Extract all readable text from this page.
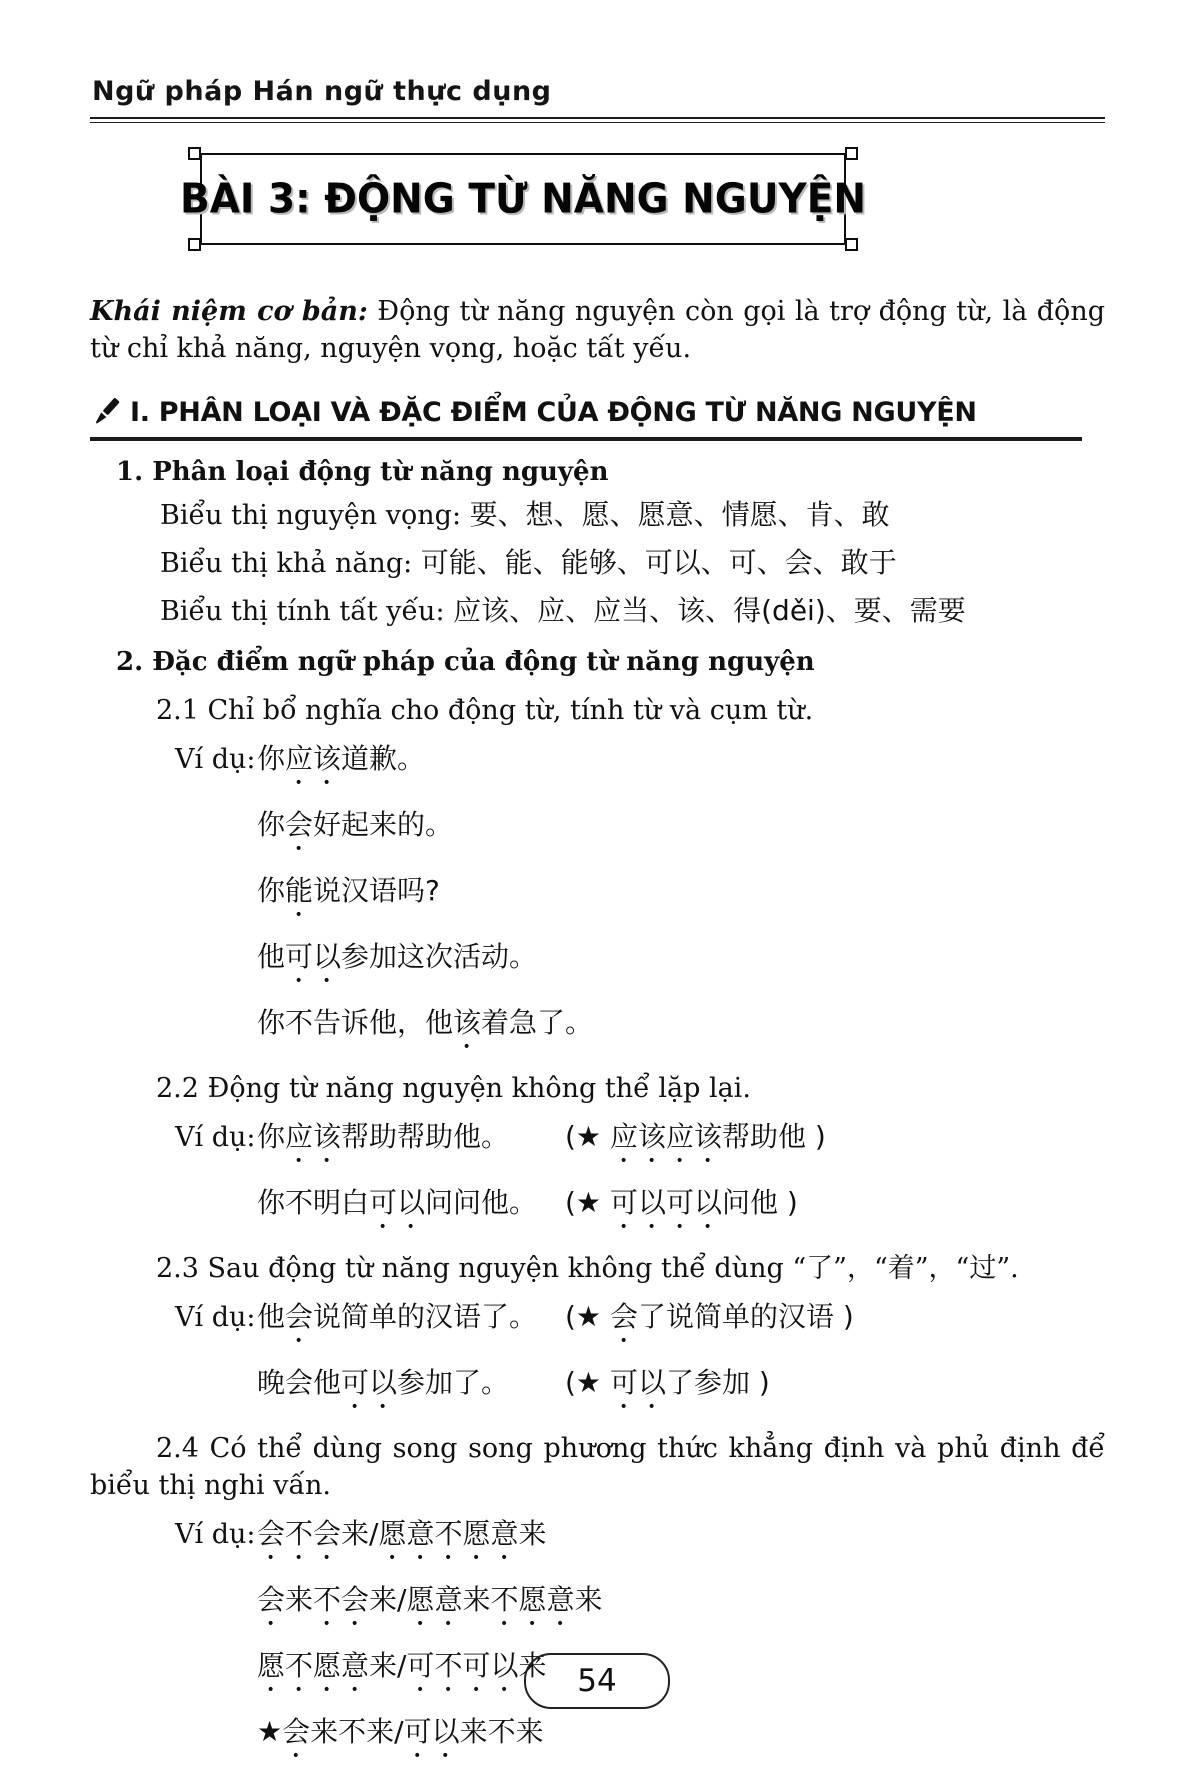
Ngữ pháp Hán ngữ thực dụng
BÀI 3: ĐỘNG TỪ NĂNG NGUYỆN

Khái niệm cơ bản: Động từ năng nguyện còn gọi là trợ động từ, là động từ chỉ khả năng, nguyện vọng, hoặc tất yếu.

I. PHÂN LOẠI VÀ ĐẶC ĐIỂM CỦA ĐỘNG TỪ NĂNG NGUYỆN
1. Phân loại động từ năng nguyện
Biểu thị nguyện vọng: 要、想、愿、愿意、情愿、肯、敢
Biểu thị khả năng: 可能、能、能够、可以、可、会、敢于
Biểu thị tính tất yếu: 应该、应、应当、该、得(děi)、要、需要
2. Đặc điểm ngữ pháp của động từ năng nguyện

2.1 Chỉ bổ nghĩa cho động từ, tính từ và cụm từ.

Ví dụ: 你应该道歉。
你会好起来的。
你能说汉语吗?
他可以参加这次活动。
你不告诉他，他该着急了。

2.2 Động từ năng nguyện không thể lặp lại.

Ví dụ: 你应该帮助帮助他。	(★ 应该应该帮助他 )
你不明白可以问问他。 (★ 可以可以问他 )

2.3 Sau động từ năng nguyện không thể dùng “了”，“着”，“过”.

Ví dụ: 他会说简单的汉语了。 (★ 会了说简单的汉语 )
晚会他可以参加了。	(★ 可以了参加 )

2.4 Có thể dùng song song phương thức khẳng định và phủ định để biểu thị nghi vấn.

Ví dụ: 会不会来/愿意不愿意来
会来不会来/愿意来不愿意来
愿不愿意来/可不可以来
★会来不来/可以来不来
54
